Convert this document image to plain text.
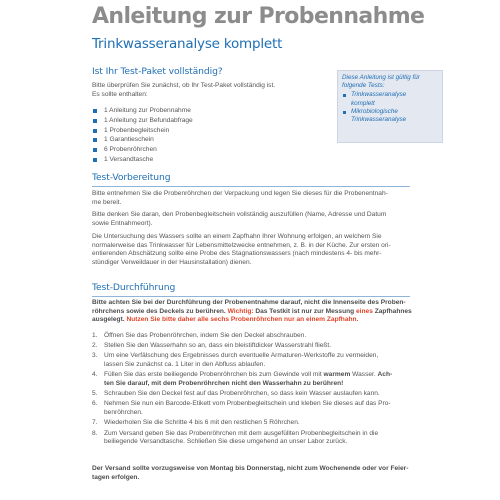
Anleitung zur Probennahme
Trinkwasseranalyse komplett
Ist Ihr Test-Paket vollständig?

Bitte überprüfen Sie zunächst, ob Ihr Test-Paket vollständig ist.

Es sollte enthalten:

1 Anleitung zur Probennahme
1 Anleitung zur Befundabfrage
1 Probenbegleitschein
1 Garantieschein
6 Probenröhrchen
1 Versandtasche
Diese Anleitung ist gültig für
folgende Tests:
Trinkwasseranalyse
komplett
Mikrobiologische
Trinkwasseranalyse
Test-Vorbereitung

Bitte entnehmen Sie die Probenröhrchen der Verpackung und legen Sie dieses für die Probenentnah-

me bereit.

Bitte denken Sie daran, den Probenbegleitschein vollständig auszufüllen (Name, Adresse und Datum

sowie Entnahmeort).

Die Untersuchung des Wassers sollte an einem Zapfhahn Ihrer Wohnung erfolgen, an welchem Sie

normalerweise das Trinkwasser für Lebensmittelzwecke entnehmen, z. B. in der Küche. Zur ersten ori-

entierenden Abschätzung sollte eine Probe des Stagnationswassers (nach mindestens 4- bis mehr-

stündiger Verweildauer in der Hausinstallation) dienen.

Test-Durchführung

Bitte achten Sie bei der Durchführung der Probenentnahme darauf, nicht die Innenseite des Proben-

röhrchens sowie des Deckels zu berühren. Wichtig: Das Testkit ist nur zur Messung eines Zapfhahnes

ausgelegt. Nutzen Sie bitte daher alle sechs Probenröhrchen nur an einem Zapfhahn.

1. Öffnen Sie das Probenröhrchen, indem Sie den Deckel abschrauben.
2. Stellen Sie den Wasserhahn so an, dass ein bleistiftdicker Wasserstrahl fließt.
3. Um eine Verfälschung des Ergebnisses durch eventuelle Armaturen-Werkstoffe zu vermeiden,
lassen Sie zunächst ca. 1 Liter in den Abfluss ablaufen.
4. Füllen Sie das erste beiliegende Probenröhrchen bis zum Gewinde voll mit warmem Wasser. Ach-
ten Sie darauf, mit dem Probenröhrchen nicht den Wasserhahn zu berühren!
5. Schrauben Sie den Deckel fest auf das Probenröhrchen, so dass kein Wasser auslaufen kann.
6. Nehmen Sie nun ein Barcode-Etikett vom Probenbegleitschein und kleben Sie dieses auf das Pro-
benröhrchen.
7. Wiederholen Sie die Schritte 4 bis 6 mit den restlichen 5 Röhrchen.
8. Zum Versand geben Sie das Probenröhrchen mit dem ausgefüllten Probenbegleitschein in die
beiliegende Versandtasche. Schließen Sie diese umgehend an unser Labor zurück.

Der Versand sollte vorzugsweise von Montag bis Donnerstag, nicht zum Wochenende oder vor Feier-

tagen erfolgen.
